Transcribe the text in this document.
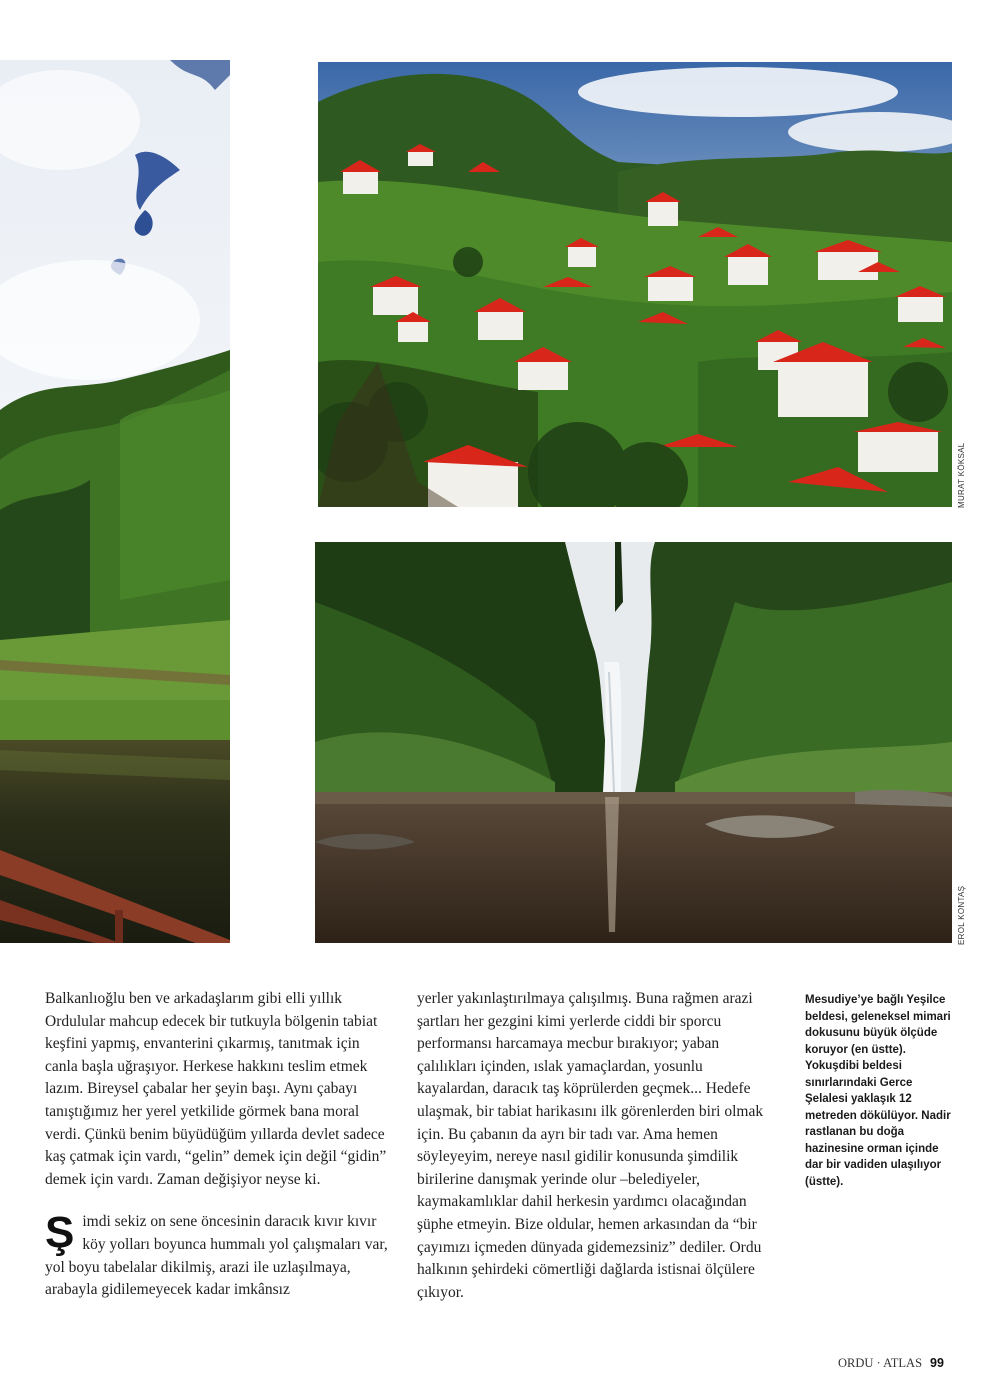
MURAT KÖKSAL
EROL KONTAŞ

Balkanlıoğlu ben ve arkadaşlarım gibi elli yıllık Ordulular mahcup edecek bir tutkuyla bölgenin tabiat keşfini yapmış, envanterini çıkarmış, tanıtmak için canla başla uğraşıyor. Herkese hakkını teslim etmek lazım. Bireysel çabalar her şeyin başı. Aynı çabayı tanıştığımız her yerel yetkilide görmek bana moral verdi. Çünkü benim büyüdüğüm yıllarda devlet sadece kaş çatmak için vardı, “gelin” demek için değil “gidin” demek için vardı. Zaman değişiyor neyse ki.

Şimdi sekiz on sene öncesinin daracık kıvır kıvır köy yolları boyunca hummalı yol çalışmaları var, yol boyu tabelalar dikilmiş, arazi ile uzlaşılmaya, arabayla gidilemeyecek kadar imkânsız

yerler yakınlaştırılmaya çalışılmış. Buna rağmen arazi şartları her gezgini kimi yerlerde ciddi bir sporcu performansı harcamaya mecbur bırakıyor; yaban çalılıkları içinden, ıslak yamaçlardan, yosunlu kayalardan, daracık taş köprülerden geçmek... Hedefe ulaşmak, bir tabiat harikasını ilk görenlerden biri olmak için. Bu çabanın da ayrı bir tadı var. Ama hemen söyleyeyim, nereye nasıl gidilir konusunda şimdilik birilerine danışmak yerinde olur –belediyeler, kaymakamlıklar dahil herkesin yardımcı olacağından şüphe etmeyin. Bize oldular, hemen arkasından da “bir çayımızı içmeden dünyada gidemezsiniz” dediler. Ordu halkının şehirdeki cömertliği dağlarda istisnai ölçülere çıkıyor.

Mesudiye’ye bağlı Yeşilce beldesi, geleneksel mimari dokusunu büyük ölçüde koruyor (en üstte). Yokuşdibi beldesi sınırlarındaki Gerce Şelalesi yaklaşık 12 metreden dökülüyor. Nadir rastlanan bu doğa hazinesine orman içinde dar bir vadiden ulaşılıyor (üstte).
ORDU · ATLAS 99
